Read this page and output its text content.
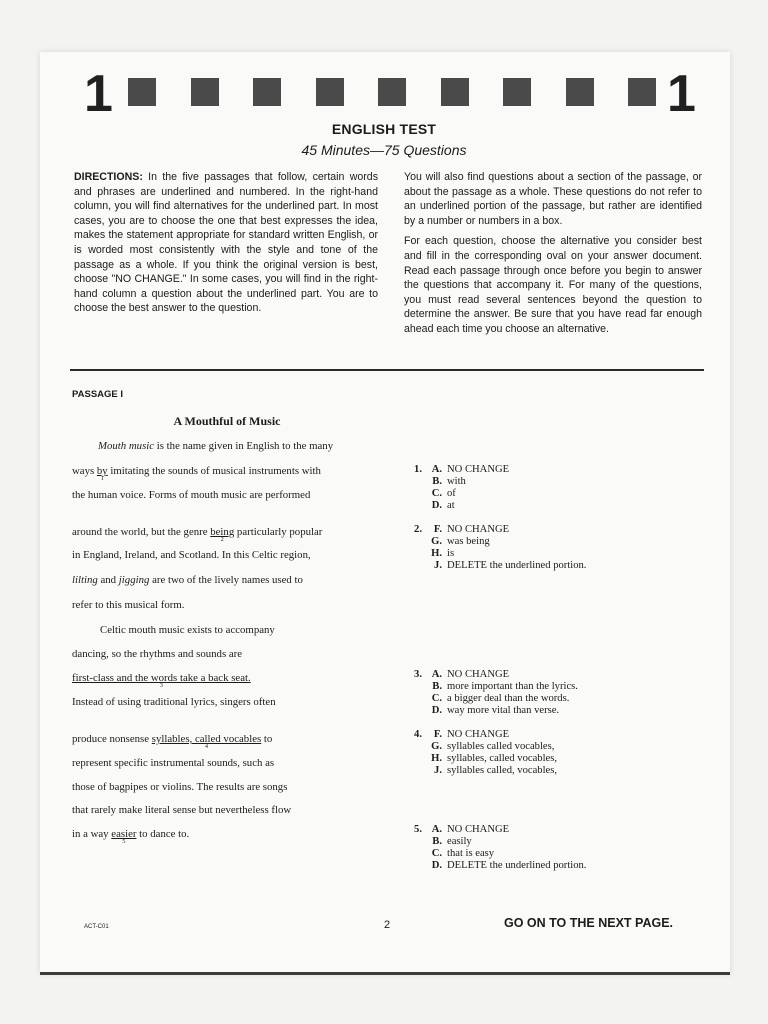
1	1
ENGLISH TEST
45 Minutes—75 Questions

DIRECTIONS: In the five passages that follow, certain words and phrases are underlined and numbered. In the right-hand column, you will find alternatives for the underlined part. In most cases, you are to choose the one that best expresses the idea, makes the statement appropriate for standard written English, or is worded most consistently with the style and tone of the passage as a whole. If you think the original version is best, choose "NO CHANGE." In some cases, you will find in the right-hand column a question about the underlined part. You are to choose the best answer to the question.

You will also find questions about a section of the passage, or about the passage as a whole. These questions do not refer to an underlined portion of the passage, but rather are identified by a number or numbers in a box.

For each question, choose the alternative you consider best and fill in the corresponding oval on your answer document. Read each passage through once before you begin to answer the questions that accompany it. For many of the questions, you must read several sentences beyond the question to determine the answer. Be sure that you have read far enough ahead each time you choose an alternative.

PASSAGE I
A Mouthful of Music
Mouth music is the name given in English to the many
ways by
1
imitating the sounds of musical instruments with
the human voice. Forms of mouth music are performed
around the world, but the genre being
2
particularly popular
in England, Ireland, and Scotland. In this Celtic region,
lilting and jigging are two of the lively names used to
refer to this musical form.
Celtic mouth music exists to accompany
dancing, so the rhythms and sounds are
first-class and the words take a back seat.
3
Instead of using traditional lyrics, singers often
produce nonsense syllables, called vocables
4
to
represent specific instrumental sounds, such as
those of bagpipes or violins. The results are songs
that rarely make literal sense but nevertheless flow
in a way easier
5
to dance to.
1. A. NO CHANGE
B. with
C. of
D. at
2.	F. NO CHANGE
G. was being
H. is
J. DELETE the underlined portion.
3. A. NO CHANGE
B. more important than the lyrics.
C. a bigger deal than the words.
D. way more vital than verse.
4.	F. NO CHANGE
G. syllables called vocables,
H. syllables, called vocables,
J. syllables called, vocables,
5. A. NO CHANGE
B. easily
C. that is easy
D. DELETE the underlined portion.
ACT-C01	2	GO ON TO THE NEXT PAGE.
